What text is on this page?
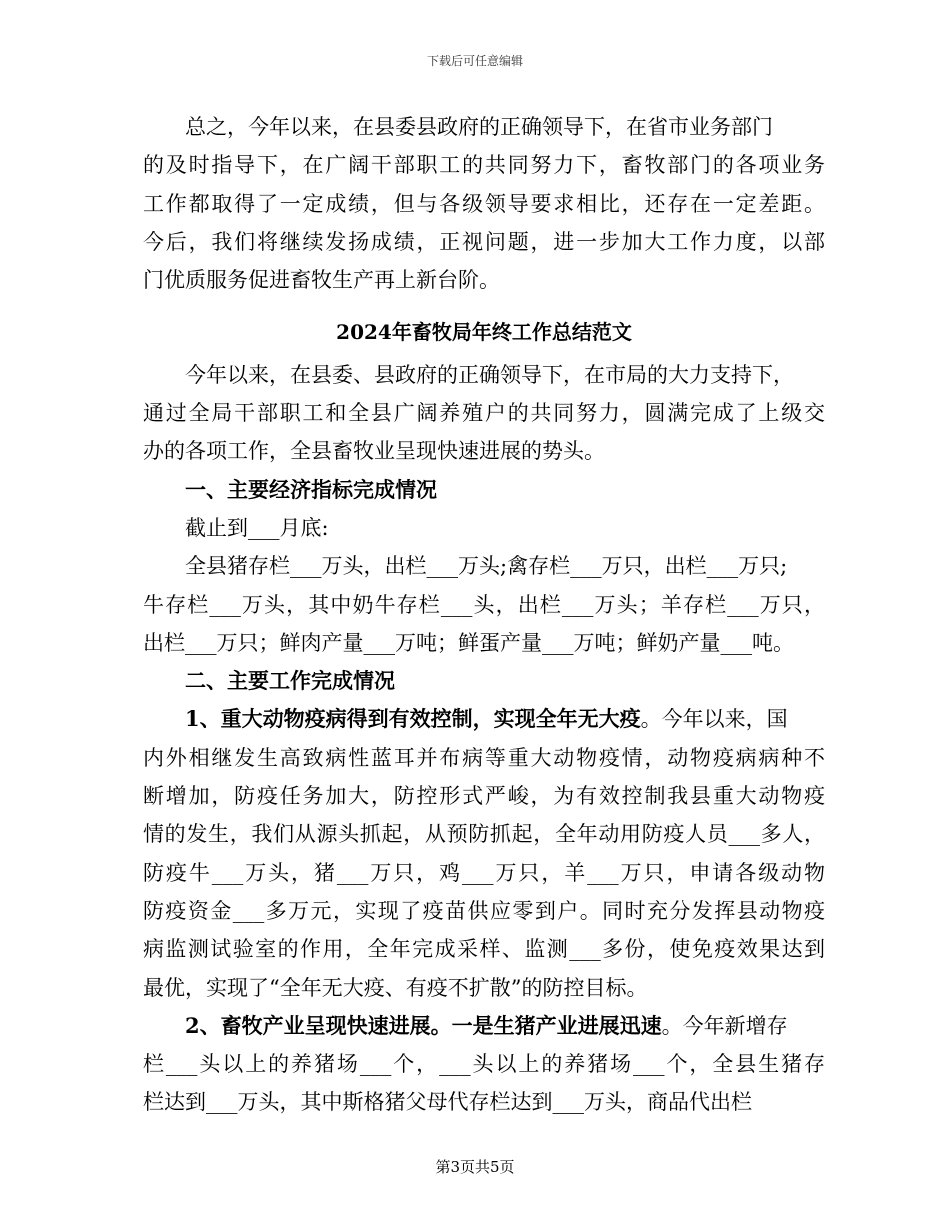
下载后可任意编辑
总之，今年以来，在县委县政府的正确领导下，在省市业务部门
的及时指导下，在广阔干部职工的共同努力下，畜牧部门的各项业务
工作都取得了一定成绩，但与各级领导要求相比，还存在一定差距。
今后，我们将继续发扬成绩，正视问题，进一步加大工作力度，以部
门优质服务促进畜牧生产再上新台阶。
2024年畜牧局年终工作总结范文
今年以来，在县委、县政府的正确领导下，在市局的大力支持下，
通过全局干部职工和全县广阔养殖户的共同努力，圆满完成了上级交
办的各项工作，全县畜牧业呈现快速进展的势头。
一、主要经济指标完成情况
截止到___月底:
全县猪存栏___万头，出栏___万头;禽存栏___万只，出栏___万只;
牛存栏___万头，其中奶牛存栏___头，出栏___万头；羊存栏___万只，
出栏___万只；鲜肉产量___万吨；鲜蛋产量___万吨；鲜奶产量___吨。
二、主要工作完成情况
1、重大动物疫病得到有效控制，实现全年无大疫。今年以来，国
内外相继发生高致病性蓝耳并布病等重大动物疫情，动物疫病病种不
断增加，防疫任务加大，防控形式严峻，为有效控制我县重大动物疫
情的发生，我们从源头抓起，从预防抓起，全年动用防疫人员___多人，
防疫牛___万头，猪___万只，鸡___万只，羊___万只，申请各级动物
防疫资金___多万元，实现了疫苗供应零到户。同时充分发挥县动物疫
病监测试验室的作用，全年完成采样、监测___多份，使免疫效果达到
最优，实现了“全年无大疫、有疫不扩散”的防控目标。
2、畜牧产业呈现快速进展。一是生猪产业进展迅速。今年新增存
栏___头以上的养猪场___个，___头以上的养猪场___个，全县生猪存
栏达到___万头，其中斯格猪父母代存栏达到___万头，商品代出栏
第3页共5页
